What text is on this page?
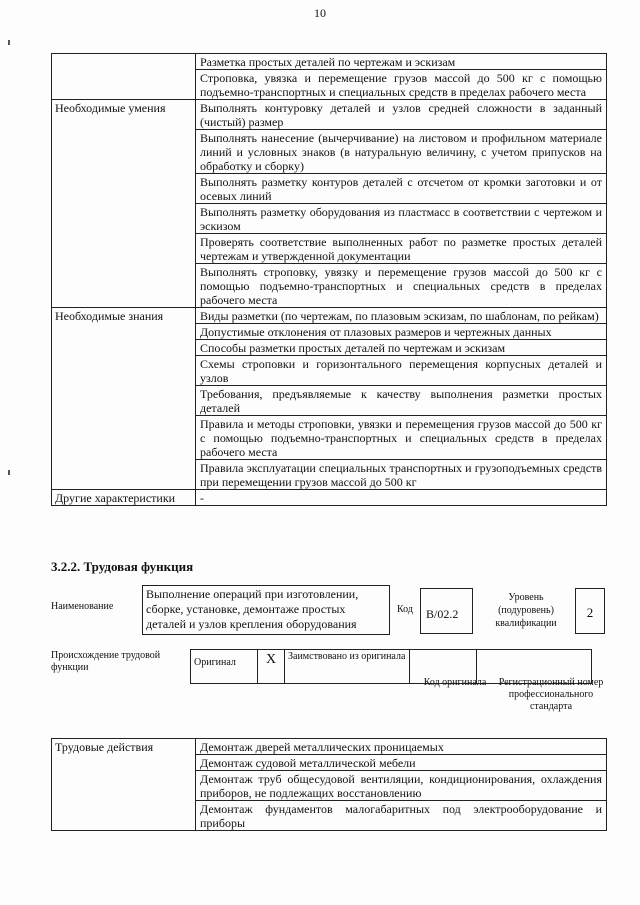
10
	Разметка простых деталей по чертежам и эскизам
	Строповка, увязка и перемещение грузов массой до 500 кг с помощью подъемно-транспортных и специальных средств в пределах рабочего места
Необходимые умения	Выполнять контуровку деталей и узлов средней сложности в заданный (чистый) размер
	Выполнять нанесение (вычерчивание) на листовом и профильном материале линий и условных знаков (в натуральную величину, с учетом припусков на обработку и сборку)
	Выполнять разметку контуров деталей с отсчетом от кромки заготовки и от осевых линий
	Выполнять разметку оборудования из пластмасс в соответствии с чертежом и эскизом
	Проверять соответствие выполненных работ по разметке простых деталей чертежам и утвержденной документации
	Выполнять строповку, увязку и перемещение грузов массой до 500 кг с помощью подъемно-транспортных и специальных средств в пределах рабочего места
Необходимые знания	Виды разметки (по чертежам, по плазовым эскизам, по шаблонам, по рейкам)
	Допустимые отклонения от плазовых размеров и чертежных данных
	Способы разметки простых деталей по чертежам и эскизам
	Схемы строповки и горизонтального перемещения корпусных деталей и узлов
	Требования, предъявляемые к качеству выполнения разметки простых деталей
	Правила и методы строповки, увязки и перемещения грузов массой до 500 кг с помощью подъемно-транспортных и специальных средств в пределах рабочего места
	Правила эксплуатации специальных транспортных и грузоподъемных средств при перемещении грузов массой до 500 кг
Другие характеристики	-
3.2.2. Трудовая функция
Наименование
Выполнение операций при изготовлении, сборке, установке, демонтаже простых деталей и узлов крепления оборудования
Код	В/02.2
Уровень (подуровень) квалификации
2
Происхождение трудовой функции	Оригинал	X	Заимствовано из оригинала		
Код оригинала	Регистрационный номер профессионального стандарта
Трудовые действия	Демонтаж дверей металлических проницаемых
Демонтаж судовой металлической мебели
Демонтаж труб общесудовой вентиляции, кондиционирования, охлаждения приборов, не подлежащих восстановлению
Демонтаж фундаментов малогабаритных под электрооборудование и приборы
